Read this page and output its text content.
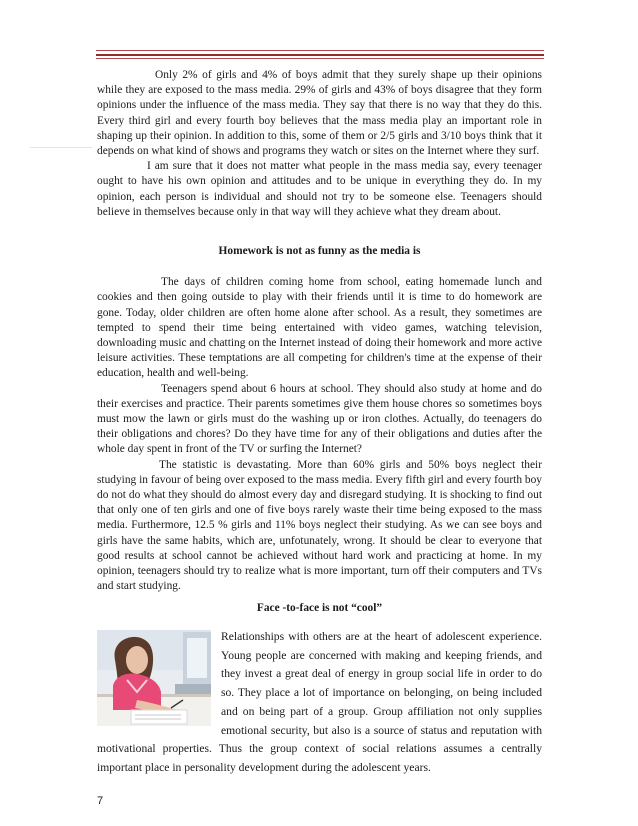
Only 2% of girls and 4% of boys admit that they surely shape up their opinions while they are exposed to the mass media. 29% of girls and 43% of boys disagree that they form opinions under the influence of the mass media. They say that there is no way that they do this. Every third girl and every fourth boy believes that the mass media play an important role in shaping up their opinion. In addition to this, some of them or 2/5 girls and 3/10 boys think that it depends on what kind of shows and programs they watch or sites on the Internet where they surf.

I am sure that it does not matter what people in the mass media say, every teenager ought to have his own opinion and attitudes and to be unique in everything they do. In my opinion, each person is individual and should not try to be someone else. Teenagers should believe in themselves because only in that way will they achieve what they dream about.

Homework is not as funny as the media is

The days of children coming home from school, eating homemade lunch and cookies and then going outside to play with their friends until it is time to do homework are gone. Today, older children are often home alone after school. As a result, they sometimes are tempted to spend their time being entertained with video games, watching television, downloading music and chatting on the Internet instead of doing their homework and more active leisure activities. These temptations are all competing for children's time at the expense of their education, health and well-being.

Teenagers spend about 6 hours at school. They should also study at home and do their exercises and practice. Their parents sometimes give them house chores so sometimes boys must mow the lawn or girls must do the washing up or iron clothes. Actually, do teenagers do their obligations and chores? Do they have time for any of their obligations and duties after the whole day spent in front of the TV or surfing the Internet?

The statistic is devastating. More than 60% girls and 50% boys neglect their studying in favour of being over exposed to the mass media. Every fifth girl and every fourth boy do not do what they should do almost every day and disregard studying. It is shocking to find out that only one of ten girls and one of five boys rarely waste their time being exposed to the mass media. Furthermore, 12.5 % girls and 11% boys neglect their studying. As we can see boys and girls have the same habits, which are, unfotunately, wrong. It should be clear to everyone that good results at school cannot be achieved without hard work and practicing at home. In my opinion, teenagers should try to realize what is more important, turn off their computers and TVs and start studying.

Face -to-face is not “cool”

Relationships with others are at the heart of adolescent experience. Young people are concerned with making and keeping friends, and they invest a great deal of energy in group social life in order to do so. They place a lot of importance on belonging, on being included and on being part of a group. Group affiliation not only supplies emotional security, but also is a source of status and reputation with motivational properties. Thus the group context of social relations assumes a centrally important place in personality development during the adolescent years.

7
